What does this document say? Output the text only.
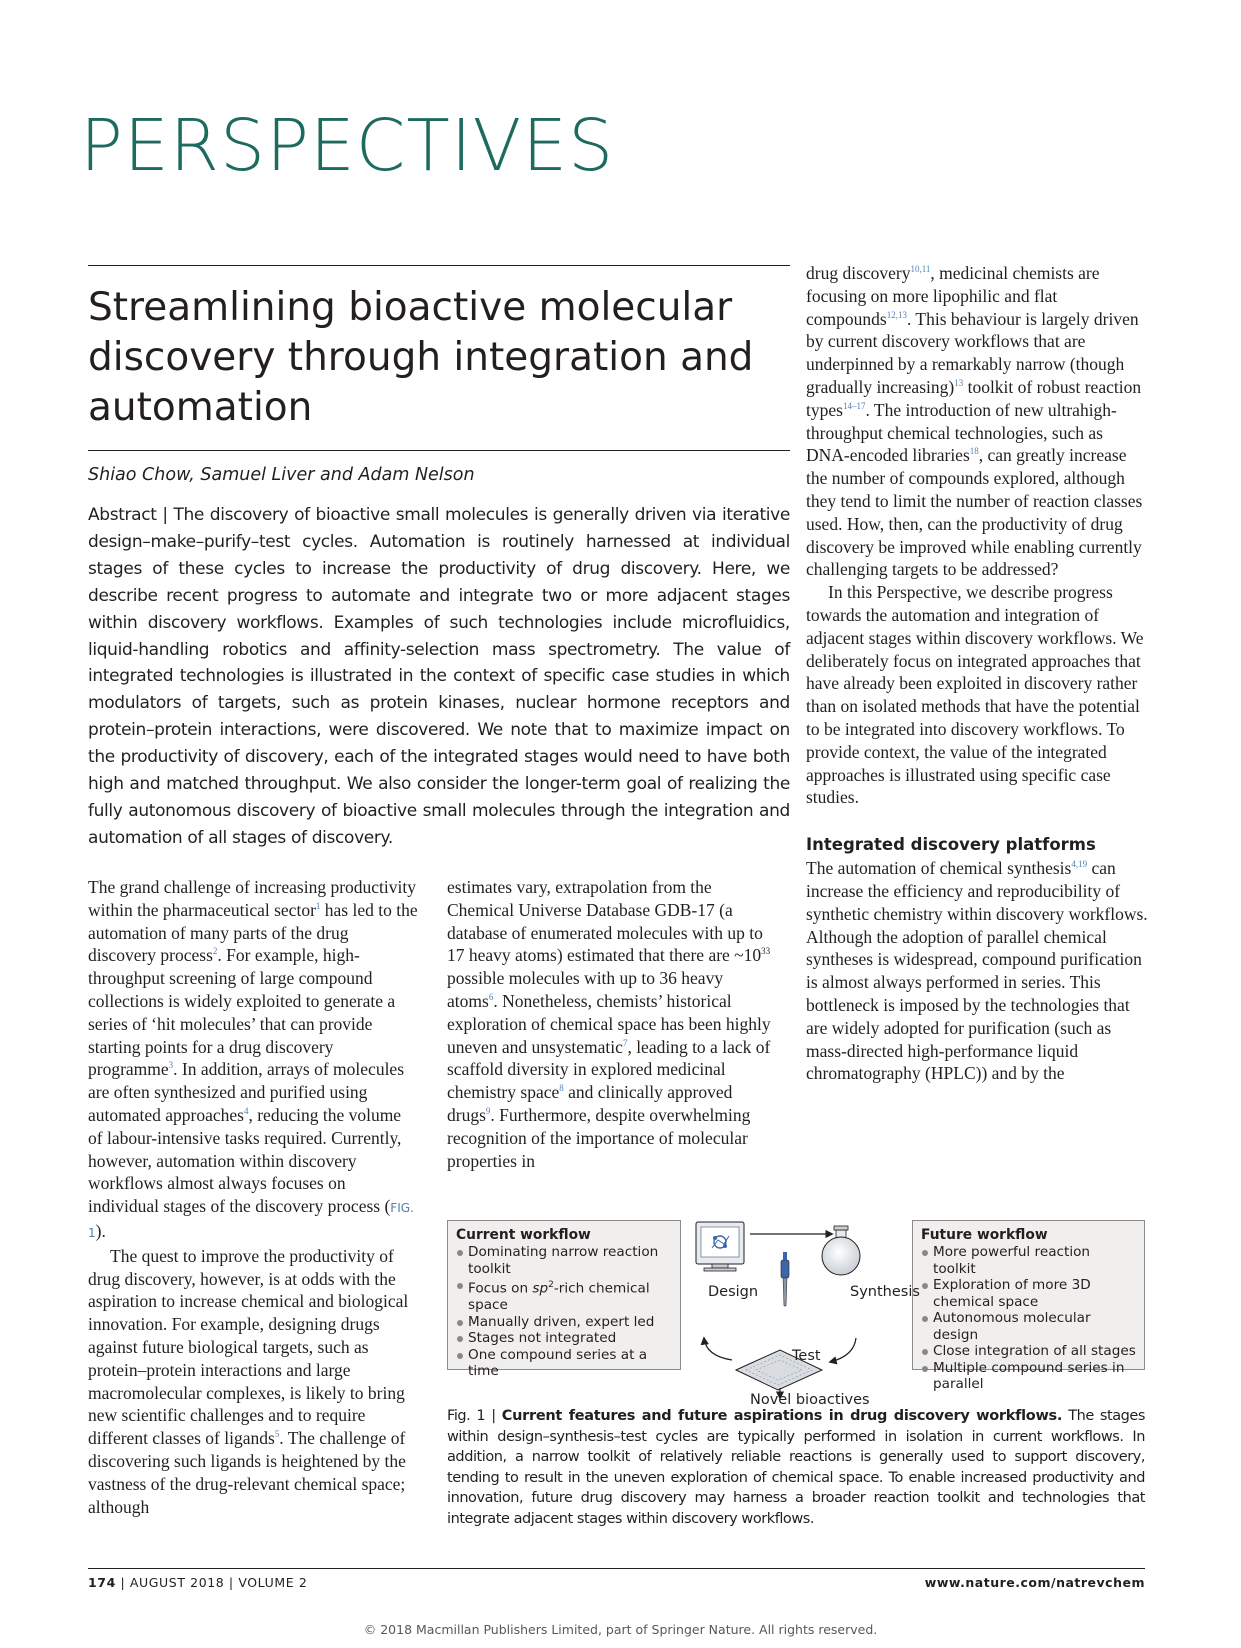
PERSPECTIVES
Streamlining bioactive molecular discovery through integration and automation
Shiao Chow, Samuel Liver and Adam Nelson

Abstract | The discovery of bioactive small molecules is generally driven via iterative design–make–purify–test cycles. Automation is routinely harnessed at individual stages of these cycles to increase the productivity of drug discovery. Here, we describe recent progress to automate and integrate two or more adjacent stages within discovery workflows. Examples of such technologies include microfluidics, liquid-handling robotics and affinity-selection mass spectrometry. The value of integrated technologies is illustrated in the context of specific case studies in which modulators of targets, such as protein kinases, nuclear hormone receptors and protein–protein interactions, were discovered. We note that to maximize impact on the productivity of discovery, each of the integrated stages would need to have both high and matched throughput. We also consider the longer-term goal of realizing the fully autonomous discovery of bioactive small molecules through the integration and automation of all stages of discovery.

The grand challenge of increasing productivity within the pharmaceutical sector$^1$ has led to the automation of many parts of the drug discovery process$^2$. For example, high-throughput screening of large compound collections is widely exploited to generate a series of ‘hit molecules’ that can provide starting points for a drug discovery programme$^3$. In addition, arrays of molecules are often synthesized and purified using automated approaches$^4$, reducing the volume of labour-intensive tasks required. Currently, however, automation within discovery workflows almost always focuses on individual stages of the discovery process (FIG. 1).

The quest to improve the productivity of drug discovery, however, is at odds with the aspiration to increase chemical and biological innovation. For example, designing drugs against future biological targets, such as protein–protein interactions and large macromolecular complexes, is likely to bring new scientific challenges and to require different classes of ligands$^5$. The challenge of discovering such ligands is heightened by the vastness of the drug-relevant chemical space; although

estimates vary, extrapolation from the Chemical Universe Database GDB-17 (a database of enumerated molecules with up to 17 heavy atoms) estimated that there are $\sim 10^{33}$ possible molecules with up to 36 heavy atoms$^6$. Nonetheless, chemists’ historical exploration of chemical space has been highly uneven and unsystematic$^7$, leading to a lack of scaffold diversity in explored medicinal chemistry space$^8$ and clinically approved drugs$^9$. Furthermore, despite overwhelming recognition of the importance of molecular properties in

drug discovery$^{10,11}$, medicinal chemists are focusing on more lipophilic and flat compounds$^{12,13}$. This behaviour is largely driven by current discovery workflows that are underpinned by a remarkably narrow (though gradually increasing)$^{13}$ toolkit of robust reaction types$^{14-17}$. The introduction of new ultrahigh-throughput chemical technologies, such as DNA-encoded libraries$^{18}$, can greatly increase the number of compounds explored, although they tend to limit the number of reaction classes used. How, then, can the productivity of drug discovery be improved while enabling currently challenging targets to be addressed?

In this Perspective, we describe progress towards the automation and integration of adjacent stages within discovery workflows. We deliberately focus on integrated approaches that have already been exploited in discovery rather than on isolated methods that have the potential to be integrated into discovery workflows. To provide context, the value of the integrated approaches is illustrated using specific case studies.

Integrated discovery platforms

The automation of chemical synthesis$^{4,19}$ can increase the efficiency and reproducibility of synthetic chemistry within discovery workflows. Although the adoption of parallel chemical syntheses is widespread, compound purification is almost always performed in series. This bottleneck is imposed by the technologies that are widely adopted for purification (such as mass-directed high-performance liquid chromatography (HPLC)) and by the

Current workflow
Dominating narrow reaction toolkit
Focus on $sp^2$-rich chemical space
Manually driven, expert led
Stages not integrated
One compound series at a time
Future workflow
More powerful reaction toolkit
Exploration of more 3D chemical space
Autonomous molecular design
Close integration of all stages
Multiple compound series in parallel
Design	Synthesis
Test
Novel bioactives

Fig. 1 | Current features and future aspirations in drug discovery workflows. The stages within design–synthesis–test cycles are typically performed in isolation in current workflows. In addition, a narrow toolkit of relatively reliable reactions is generally used to support discovery, tending to result in the uneven exploration of chemical space. To enable increased productivity and innovation, future drug discovery may harness a broader reaction toolkit and technologies that integrate adjacent stages within discovery workflows.

174 | AUGUST 2018 | VOLUME 2	www.nature.com/natrevchem
© 2018 Macmillan Publishers Limited, part of Springer Nature. All rights reserved.
